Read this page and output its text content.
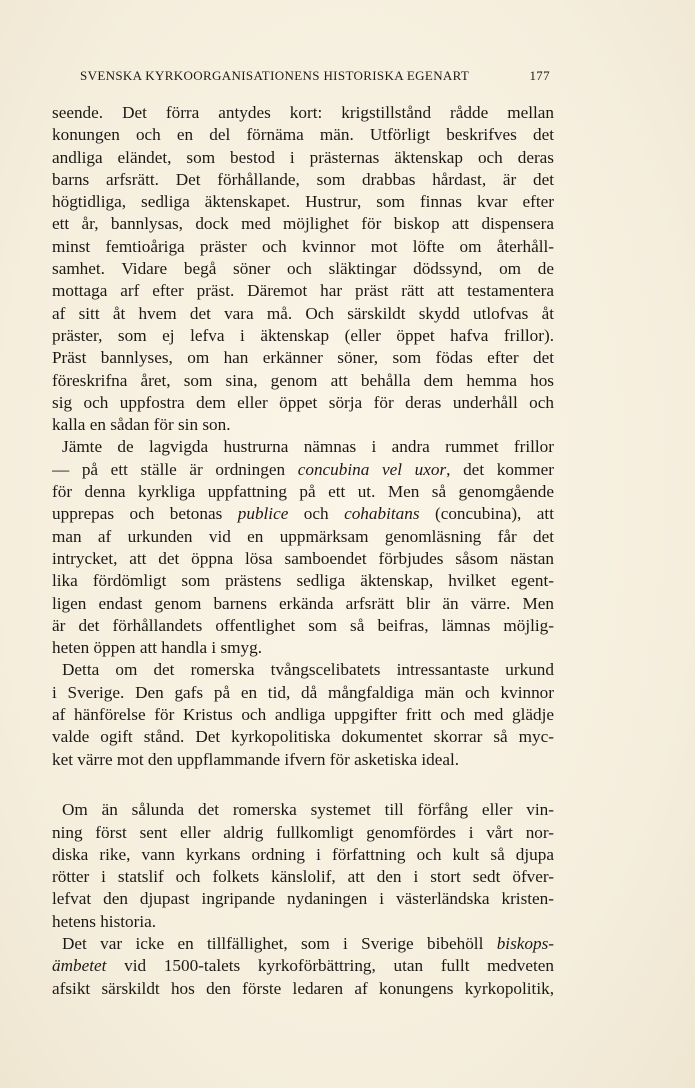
SVENSKA KYRKOORGANISATIONENS HISTORISKA EGENART	177
seende. Det förra antydes kort: krigstillstånd rådde mellan
konungen och en del förnäma män. Utförligt beskrifves det
andliga eländet, som bestod i prästernas äktenskap och deras
barns arfsrätt. Det förhållande, som drabbas hårdast, är det
högtidliga, sedliga äktenskapet. Hustrur, som finnas kvar efter
ett år, bannlysas, dock med möjlighet för biskop att dispensera
minst femtioåriga präster och kvinnor mot löfte om återhåll-
samhet. Vidare begå söner och släktingar dödssynd, om de
mottaga arf efter präst. Däremot har präst rätt att testamentera
af sitt åt hvem det vara må. Och särskildt skydd utlofvas åt
präster, som ej lefva i äktenskap (eller öppet hafva frillor).
Präst bannlyses, om han erkänner söner, som födas efter det
föreskrifna året, som sina, genom att behålla dem hemma hos
sig och uppfostra dem eller öppet sörja för deras underhåll och
kalla en sådan för sin son.
Jämte de lagvigda hustrurna nämnas i andra rummet frillor
— på ett ställe är ordningen concubina vel uxor, det kommer
för denna kyrkliga uppfattning på ett ut. Men så genomgående
upprepas och betonas publice och cohabitans (concubina), att
man af urkunden vid en uppmärksam genomläsning får det
intrycket, att det öppna lösa samboendet förbjudes såsom nästan
lika fördömligt som prästens sedliga äktenskap, hvilket egent-
ligen endast genom barnens erkända arfsrätt blir än värre. Men
är det förhållandets offentlighet som så beifras, lämnas möjlig-
heten öppen att handla i smyg.
Detta om det romerska tvångscelibatets intressantaste urkund
i Sverige. Den gafs på en tid, då mångfaldiga män och kvinnor
af hänförelse för Kristus och andliga uppgifter fritt och med glädje
valde ogift stånd. Det kyrkopolitiska dokumentet skorrar så myc-
ket värre mot den uppflammande ifvern för asketiska ideal.
Om än sålunda det romerska systemet till förfång eller vin-
ning först sent eller aldrig fullkomligt genomfördes i vårt nor-
diska rike, vann kyrkans ordning i författning och kult så djupa
rötter i statslif och folkets känslolif, att den i stort sedt öfver-
lefvat den djupast ingripande nydaningen i västerländska kristen-
hetens historia.
Det var icke en tillfällighet, som i Sverige bibehöll biskops-
ämbetet vid 1500-talets kyrkoförbättring, utan fullt medveten
afsikt särskildt hos den förste ledaren af konungens kyrkopolitik,
